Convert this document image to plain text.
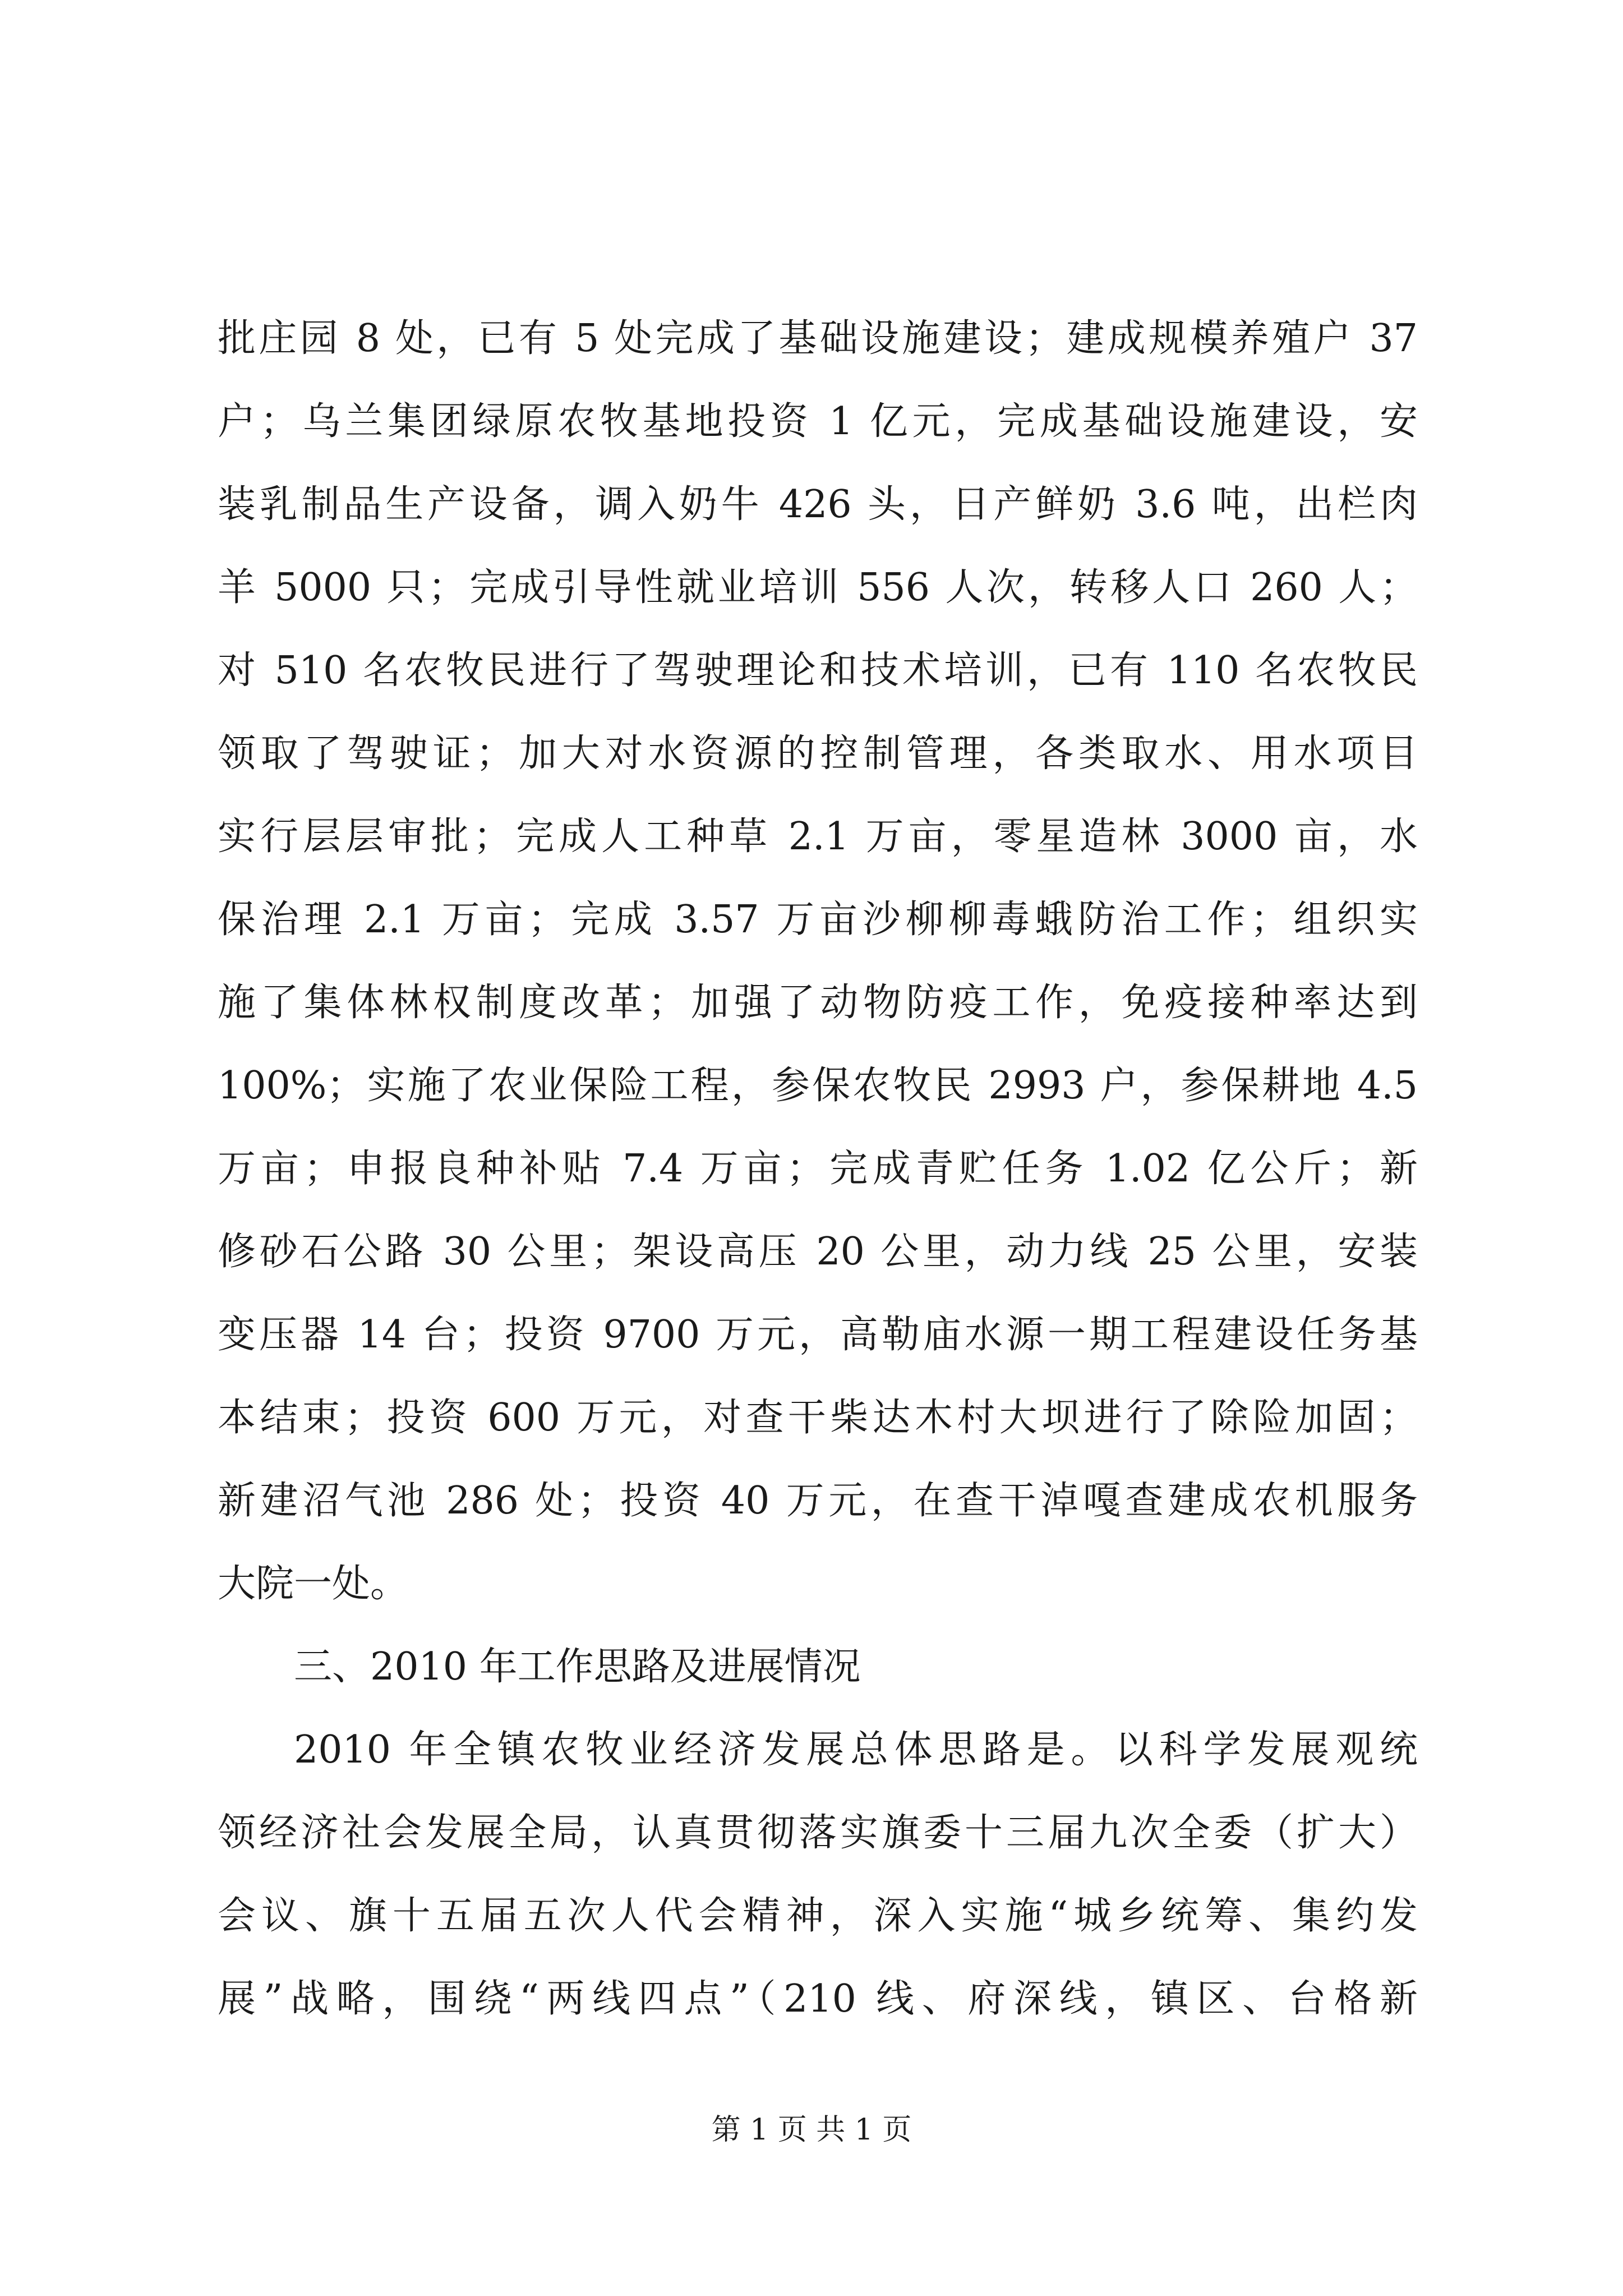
批庄园 8 处，已有 5 处完成了基础设施建设；建成规模养殖户 37
户；乌兰集团绿原农牧基地投资 1 亿元，完成基础设施建设，安
装乳制品生产设备，调入奶牛 426 头，日产鲜奶 3.6 吨，出栏肉
羊 5000 只；完成引导性就业培训 556 人次，转移人口 260 人；
对 510 名农牧民进行了驾驶理论和技术培训，已有 110 名农牧民
领取了驾驶证；加大对水资源的控制管理，各类取水、用水项目
实行层层审批；完成人工种草 2.1 万亩，零星造林 3000 亩，水
保治理 2.1 万亩；完成 3.57 万亩沙柳柳毒蛾防治工作；组织实
施了集体林权制度改革；加强了动物防疫工作，免疫接种率达到
100%；实施了农业保险工程，参保农牧民 2993 户，参保耕地 4.5
万亩；申报良种补贴 7.4 万亩；完成青贮任务 1.02 亿公斤；新
修砂石公路 30 公里；架设高压 20 公里，动力线 25 公里，安装
变压器 14 台；投资 9700 万元，高勒庙水源一期工程建设任务基
本结束；投资 600 万元，对查干柴达木村大坝进行了除险加固；
新建沼气池 286 处；投资 40 万元，在查干淖嘎查建成农机服务
大院一处。
三、2010 年工作思路及进展情况
2010 年全镇农牧业经济发展总体思路是。以科学发展观统
领经济社会发展全局，认真贯彻落实旗委十三届九次全委（扩大）
会议、旗十五届五次人代会精神，深入实施“城乡统筹、集约发
展”战略，围绕“两线四点”（210 线、府深线，镇区、台格新
第 1 页 共 1 页
